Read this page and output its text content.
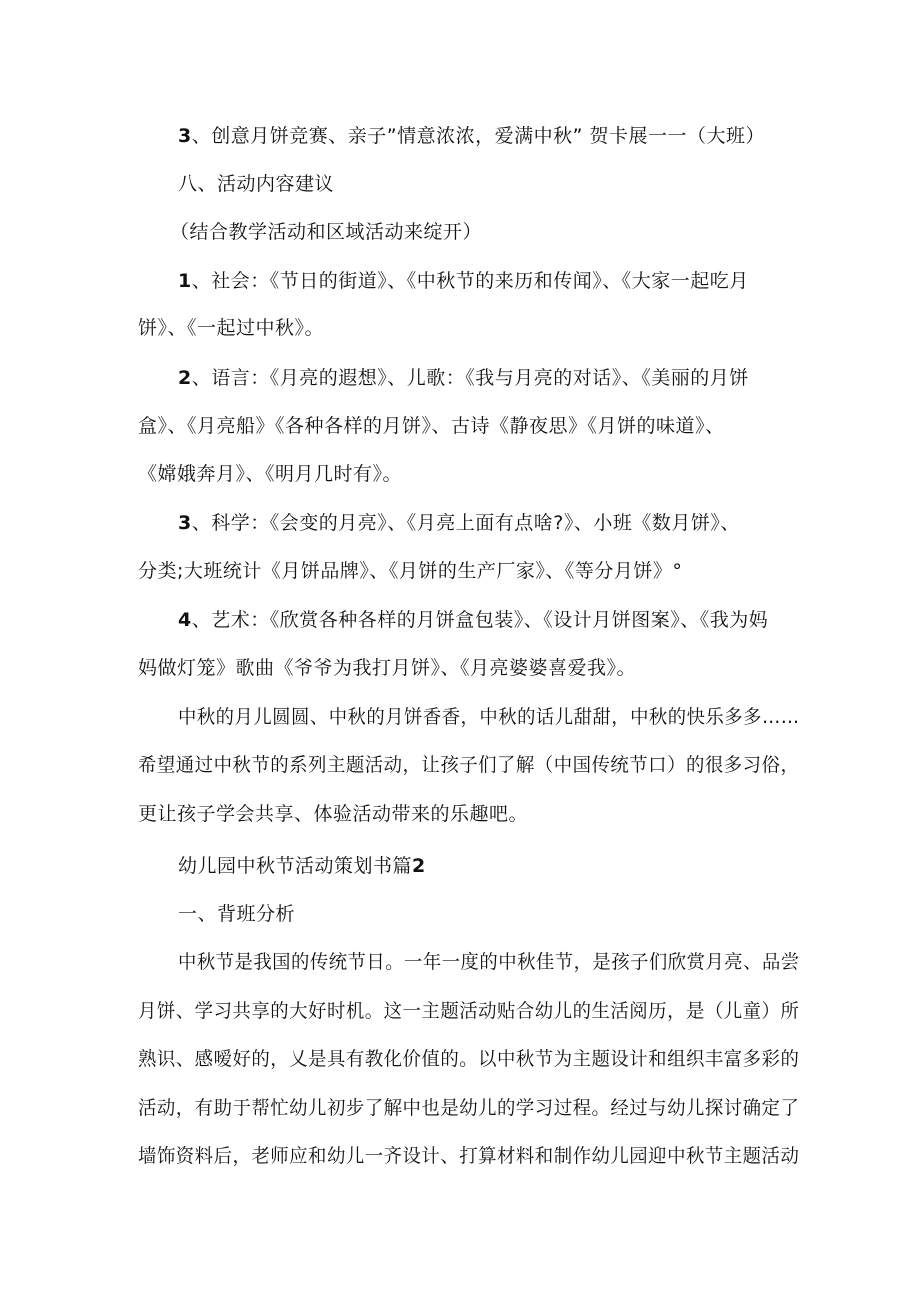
3、创意月饼竞赛、亲子”情意浓浓，爱满中秋” 贺卡展一一（大班）
八、活动内容建议
（结合教学活动和区域活动来绽开）
1、社会：《节日的街道》、《中秋节的来历和传闻》、《大家一起吃月
饼》、《一起过中秋》。
2、语言：《月亮的遐想》、儿歌：《我与月亮的对话》、《美丽的月饼
盒》、《月亮船》《各种各样的月饼》、古诗《静夜思》《月饼的味道》、
《嫦娥奔月》、《明月几时有》。
3、科学：《会变的月亮》、《月亮上面有点啥?》、小班《数月饼》、
分类;大班统计《月饼品牌》、《月饼的生产厂家》、《等分月饼》°
4、艺术：《欣赏各种各样的月饼盒包装》、《设计月饼图案》、《我为妈
妈做灯笼》歌曲《爷爷为我打月饼》、《月亮婆婆喜爱我》。
中秋的月儿圆圆、中秋的月饼香香，中秋的话儿甜甜，中秋的快乐多多……
希望通过中秋节的系列主题活动，让孩子们了解（中国传统节口）的很多习俗，
更让孩子学会共享、体验活动带来的乐趣吧。
幼儿园中秋节活动策划书篇2
一、背班分析
中秋节是我国的传统节日。一年一度的中秋佳节，是孩子们欣赏月亮、品尝
月饼、学习共享的大好时机。这一主题活动贴合幼儿的生活阅历，是（儿童）所
熟识、感嗳好的，乂是具有教化价值的。以中秋节为主题设计和组织丰富多彩的
活动，有助于帮忙幼儿初步了解中也是幼儿的学习过程。经过与幼儿探讨确定了
墙饰资料后，老师应和幼儿一齐设计、打算材料和制作幼儿园迎中秋节主题活动
